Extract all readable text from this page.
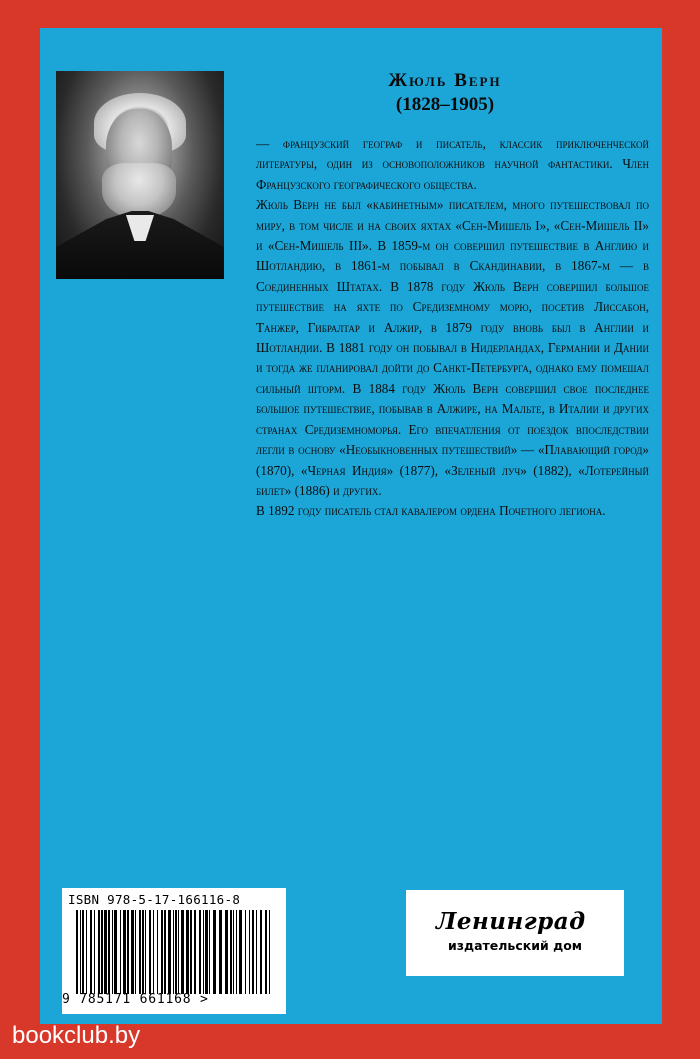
Жюль Верн
(1828–1905)

— французский географ и писатель, классик приключенческой литературы, один из основоположников научной фантастики. Член Французского географического общества.

Жюль Верн не был «кабинетным» писателем, много путешествовал по миру, в том числе и на своих яхтах «Сен-Мишель I», «Сен-Мишель II» и «Сен-Мишель III». В 1859-м он совершил путешествие в Англию и Шотландию, в 1861-м побывал в Скандинавии, в 1867-м — в Соединенных Штатах. В 1878 году Жюль Верн совершил большое путешествие на яхте по Средиземному морю, посетив Лиссабон, Танжер, Гибралтар и Алжир, в 1879 году вновь был в Англии и Шотландии. В 1881 году он побывал в Нидерландах, Германии и Дании и тогда же планировал дойти до Санкт-Петербурга, однако ему помешал сильный шторм. В 1884 году Жюль Верн совершил свое последнее большое путешествие, побывав в Алжире, на Мальте, в Италии и других странах Средиземноморья. Его впечатления от поездок впоследствии легли в основу «Необыкновенных путешествий» — «Плавающий город» (1870), «Черная Индия» (1877), «Зеленый луч» (1882), «Лотерейный билет» (1886) и других.

В 1892 году писатель стал кавалером ордена Почетного легиона.

ISBN 978-5-17-166116-8
9 785171 661168 >
Ленинград
издательский дом
bookclub.by
